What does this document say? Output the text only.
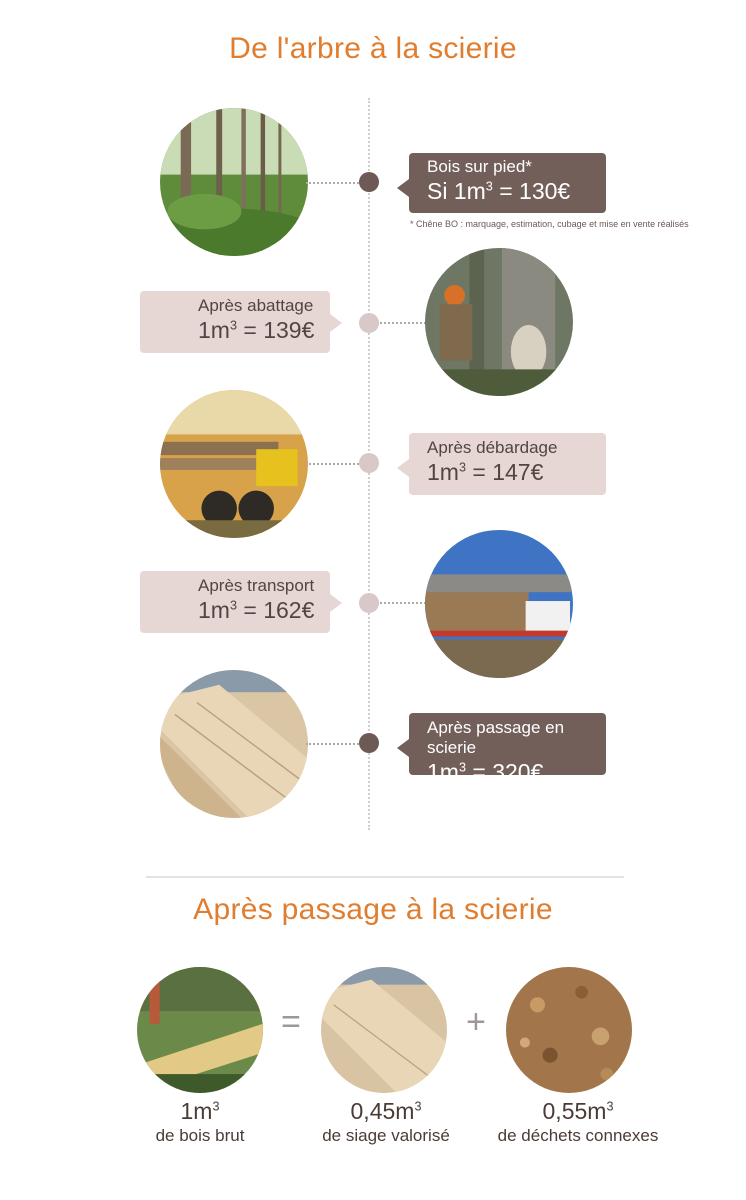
De l'arbre à la scierie
Bois sur pied*
Si $1m^3$ = 130€
* Chêne BO : marquage, estimation, cubage et mise en vente réalisés
Après abattage
$1m^3$ = 139€
Après débardage
$1m^3$ = 147€
Après transport
$1m^3$ = 162€
Après passage en scierie
$1m^3$ = 320€
Après passage à la scierie
=	+
$1m^3$
de bois brut
$0,45m^3$
de siage valorisé
$0,55m^3$
de déchets connexes
